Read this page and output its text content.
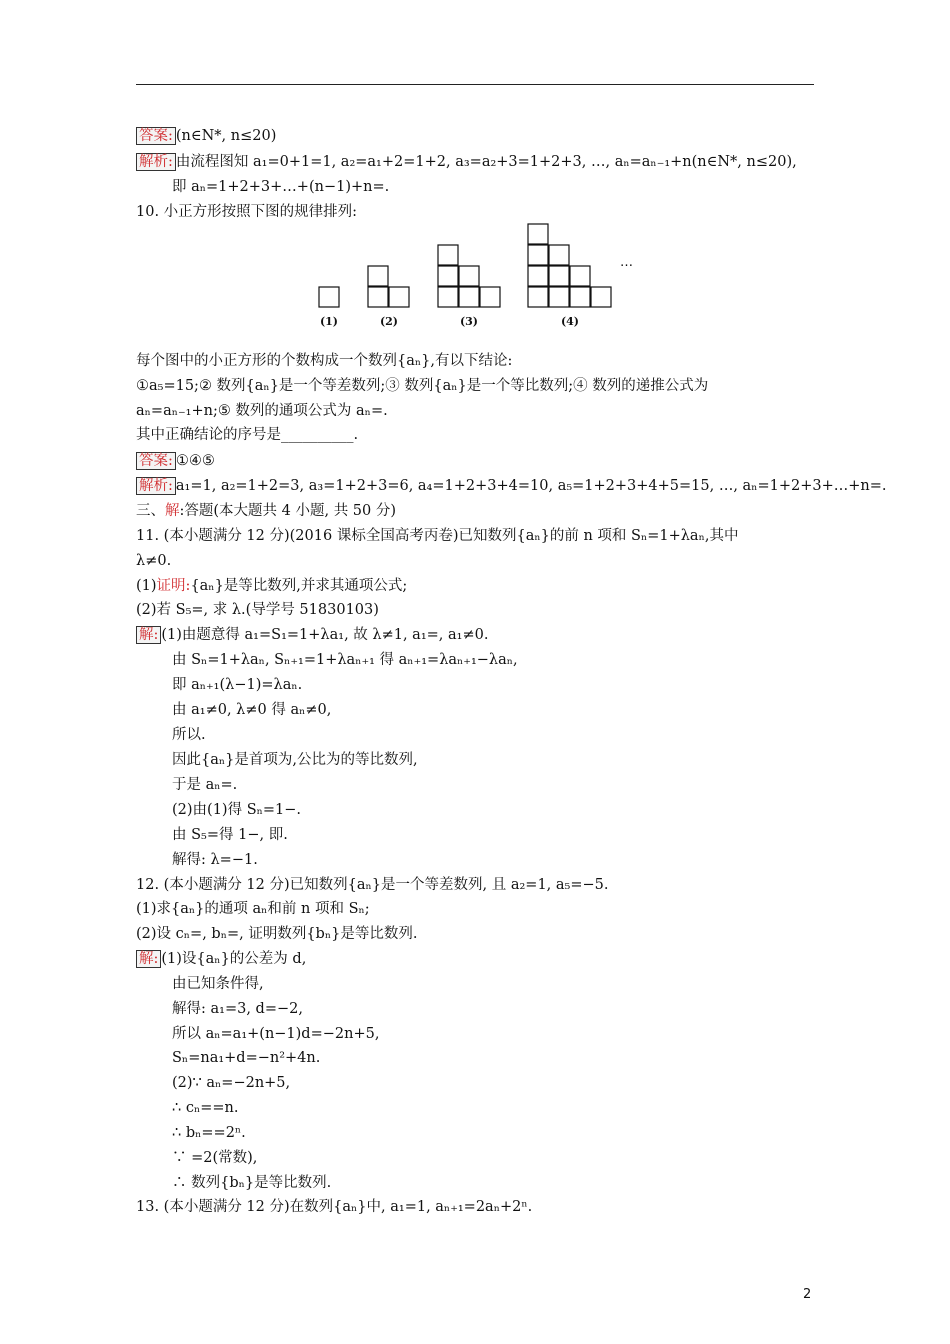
答案: (n∈N*, n≤20)
解析: 由流程图知 a₁=0+1=1, a₂=a₁+2=1+2, a₃=a₂+3=1+2+3, …, aₙ=aₙ₋₁+n(n∈N*, n≤20),
即 aₙ=1+2+3+…+(n−1)+n=.
10. 小正方形按照下图的规律排列:
(1)	(2)	(3)	(4)
…
每个图中的小正方形的个数构成一个数列{aₙ},有以下结论:
①a₅=15;② 数列{aₙ}是一个等差数列;③ 数列{aₙ}是一个等比数列;④ 数列的递推公式为
aₙ=aₙ₋₁+n;⑤ 数列的通项公式为 aₙ=.
其中正确结论的序号是__________.
答案: ①④⑤
解析: a₁=1, a₂=1+2=3, a₃=1+2+3=6, a₄=1+2+3+4=10, a₅=1+2+3+4+5=15, …, aₙ=1+2+3+…+n=.
三、解:答题(本大题共 4 小题, 共 50 分)
11. (本小题满分 12 分)(2016 课标全国高考丙卷)已知数列{aₙ}的前 n 项和 Sₙ=1+λaₙ,其中
λ≠0.
(1)证明:{aₙ}是等比数列,并求其通项公式;
(2)若 S₅=, 求 λ.(导学号 51830103)
解: (1)由题意得 a₁=S₁=1+λa₁, 故 λ≠1, a₁=, a₁≠0.
由 Sₙ=1+λaₙ, Sₙ₊₁=1+λaₙ₊₁ 得 aₙ₊₁=λaₙ₊₁−λaₙ,
即 aₙ₊₁(λ−1)=λaₙ.
由 a₁≠0, λ≠0 得 aₙ≠0,
所以.
因此{aₙ}是首项为,公比为的等比数列,
于是 aₙ=.
(2)由(1)得 Sₙ=1−.
由 S₅=得 1−, 即.
解得: λ=−1.
12. (本小题满分 12 分)已知数列{aₙ}是一个等差数列, 且 a₂=1, a₅=−5.
(1)求{aₙ}的通项 aₙ和前 n 项和 Sₙ;
(2)设 cₙ=, bₙ=, 证明数列{bₙ}是等比数列.
解: (1)设{aₙ}的公差为 d,
由已知条件得,
解得: a₁=3, d=−2,
所以 aₙ=a₁+(n−1)d=−2n+5,
Sₙ=na₁+d=−n²+4n.
(2)∵ aₙ=−2n+5,
∴ cₙ==n.
∴ bₙ==2ⁿ.
∵ =2(常数),
∴ 数列{bₙ}是等比数列.
13. (本小题满分 12 分)在数列{aₙ}中, a₁=1, aₙ₊₁=2aₙ+2ⁿ.
2
